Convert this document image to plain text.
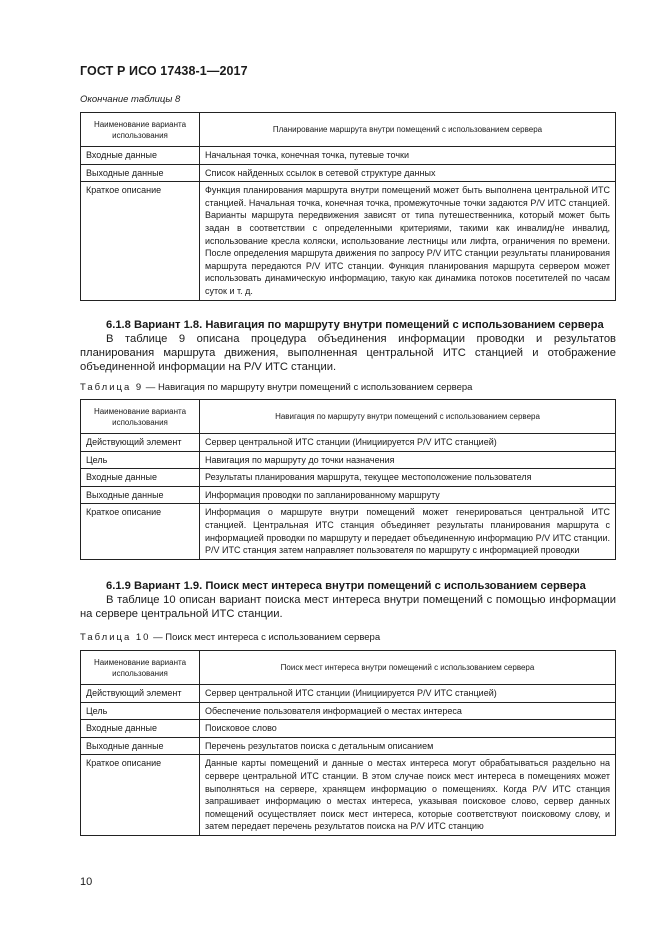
ГОСТ Р ИСО 17438-1—2017
Окончание таблицы 8
Наименование варианта использования	Планирование маршрута внутри помещений с использованием сервера
Входные данные	Начальная точка, конечная точка, путевые точки
Выходные данные	Список найденных ссылок в сетевой структуре данных
Краткое описание	Функция планирования маршрута внутри помещений может быть выполнена центральной ИТС станцией. Начальная точка, конечная точка, промежуточные точки задаются P/V ИТС станцией. Варианты маршрута передвижения зависят от типа путешественника, который может быть задан в соответствии с определенными критериями, такими как инвалид/не инвалид, использование кресла коляски, использование лестницы или лифта, ограничения по времени. После определения маршрута движения по запросу P/V ИТС станции результаты планирования маршрута передаются P/V ИТС станции. Функция планирования маршрута сервером может использовать динамическую информацию, такую как динамика потоков посетителей по часам суток и т. д.
6.1.8 Вариант 1.8. Навигация по маршруту внутри помещений с использованием сервера

В таблице 9 описана процедура объединения информации проводки и результатов планирования маршрута движения, выполненная центральной ИТС станцией и отображение объединенной информации на P/V ИТС станции.

Таблица 9 — Навигация по маршруту внутри помещений с использованием сервера
Наименование варианта использования	Навигация по маршруту внутри помещений с использованием сервера
Действующий элемент	Сервер центральной ИТС станции (Инициируется P/V ИТС станцией)
Цель	Навигация по маршруту до точки назначения
Входные данные	Результаты планирования маршрута, текущее местоположение пользователя
Выходные данные	Информация проводки по запланированному маршруту
Краткое описание	Информация о маршруте внутри помещений может генерироваться центральной ИТС станцией. Центральная ИТС станция объединяет результаты планирования маршрута с информацией проводки по маршруту и передает объединенную информацию P/V ИТС станции. P/V ИТС станция затем направляет пользователя по маршруту с информацией проводки
6.1.9 Вариант 1.9. Поиск мест интереса внутри помещений с использованием сервера

В таблице 10 описан вариант поиска мест интереса внутри помещений с помощью информации на сервере центральной ИТС станции.

Таблица 10 — Поиск мест интереса с использованием сервера
Наименование варианта использования	Поиск мест интереса внутри помещений с использованием сервера
Действующий элемент	Сервер центральной ИТС станции (Инициируется P/V ИТС станцией)
Цель	Обеспечение пользователя информацией о местах интереса
Входные данные	Поисковое слово
Выходные данные	Перечень результатов поиска с детальным описанием
Краткое описание	Данные карты помещений и данные о местах интереса могут обрабатываться раздельно на сервере центральной ИТС станции. В этом случае поиск мест интереса в помещениях может выполняться на сервере, хранящем информацию о помещениях. Когда P/V ИТС станция запрашивает информацию о местах интереса, указывая поисковое слово, сервер данных помещений осуществляет поиск мест интереса, которые соответствуют поисковому слову, и затем передает перечень результатов поиска на P/V ИТС станцию
10
